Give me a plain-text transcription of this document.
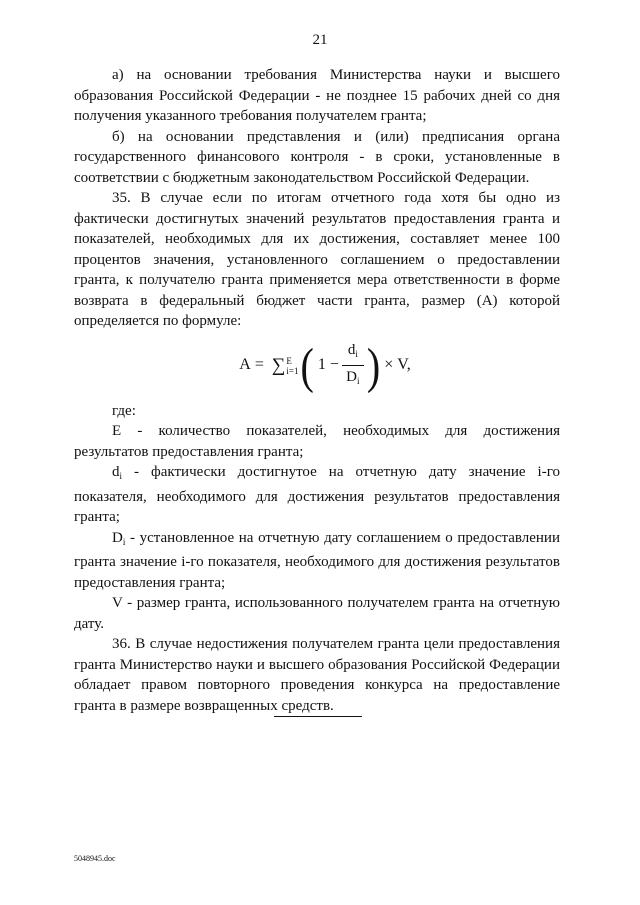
21

а) на основании требования Министерства науки и высшего образования Российской Федерации - не позднее 15 рабочих дней со дня получения указанного требования получателем гранта;

б) на основании представления и (или) предписания органа государственного финансового контроля - в сроки, установленные в соответствии с бюджетным законодательством Российской Федерации.

35. В случае если по итогам отчетного года хотя бы одно из фактически достигнутых значений результатов предоставления гранта и показателей, необходимых для их достижения, составляет менее 100 процентов значения, установленного соглашением о предоставлении гранта, к получателю гранта применяется мера ответственности в форме возврата в федеральный бюджет части гранта, размер (А) которой определяется по формуле:

A = ∑ E
i=1 ( $1 - \frac{d_i}{D_i}$ ) × V,

где:

Е - количество показателей, необходимых для достижения результатов предоставления гранта;

$d_i$ - фактически достигнутое на отчетную дату значение i-го показателя, необходимого для достижения результатов предоставления гранта;

$D_i$ - установленное на отчетную дату соглашением о предоставлении гранта значение i-го показателя, необходимого для достижения результатов предоставления гранта;

V - размер гранта, использованного получателем гранта на отчетную дату.

36. В случае недостижения получателем гранта цели предоставления гранта Министерство науки и высшего образования Российской Федерации обладает правом повторного проведения конкурса на предоставление гранта в размере возвращенных средств.

5048945.doc
